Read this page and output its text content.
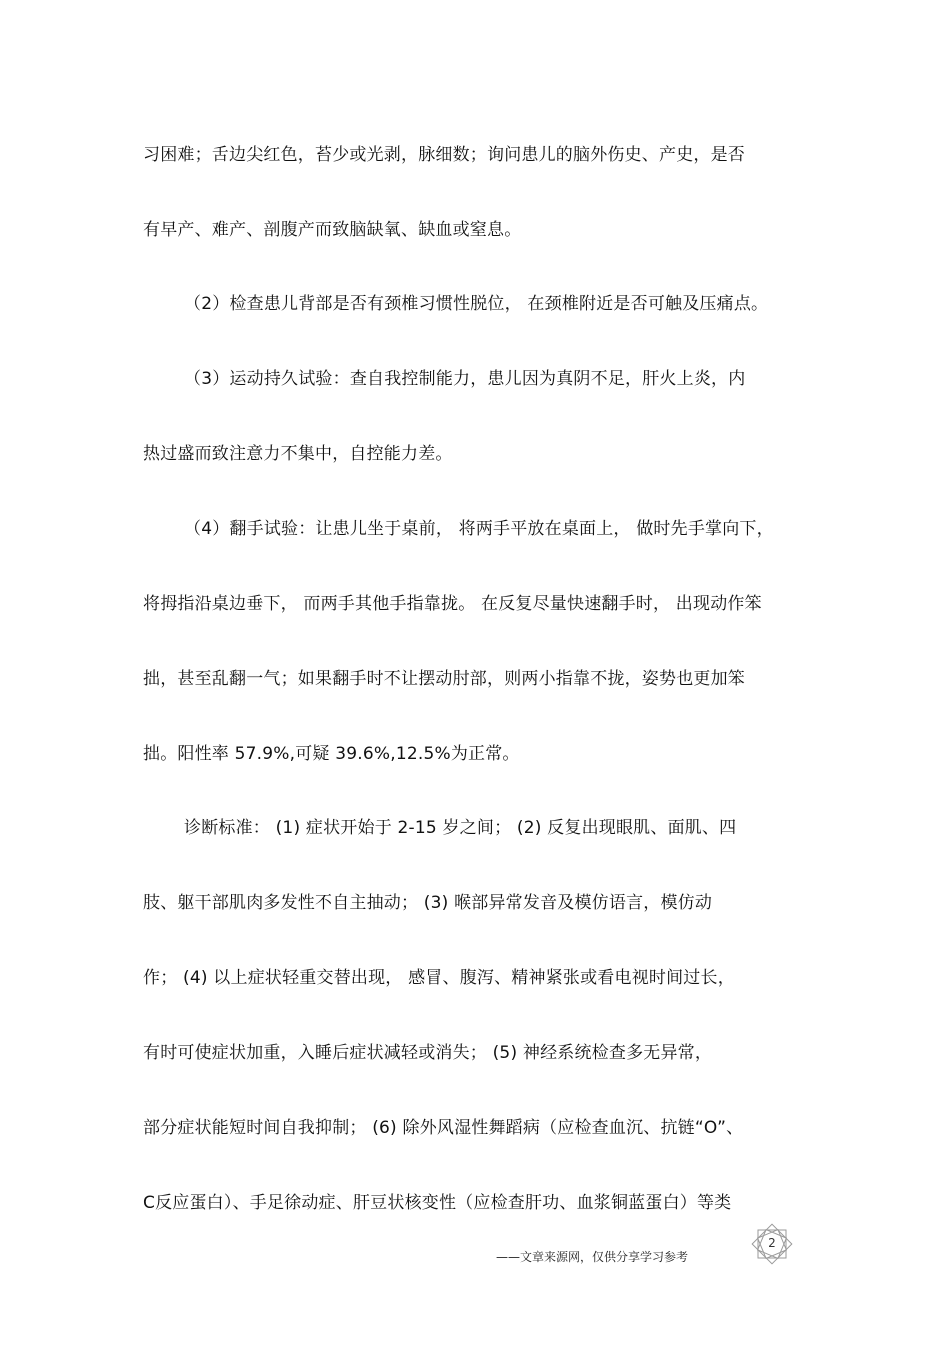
习困难；舌边尖红色，苔少或光剥，脉细数；询问患儿的脑外伤史、产史，是否
有早产、难产、剖腹产而致脑缺氧、缺血或窒息。
（2）检查患儿背部是否有颈椎习惯性脱位， 在颈椎附近是否可触及压痛点。
（3）运动持久试验：查自我控制能力，患儿因为真阴不足，肝火上炎，内
热过盛而致注意力不集中，自控能力差。
（4）翻手试验：让患儿坐于桌前， 将两手平放在桌面上， 做时先手掌向下，
将拇指沿桌边垂下， 而两手其他手指靠拢。 在反复尽量快速翻手时， 出现动作笨
拙，甚至乱翻一气；如果翻手时不让摆动肘部，则两小指靠不拢，姿势也更加笨
拙。阳性率 57.9%,可疑 39.6%,12.5%为正常。
诊断标准： (1) 症状开始于 2-15 岁之间； (2) 反复出现眼肌、面肌、四
肢、躯干部肌肉多发性不自主抽动； (3) 喉部异常发音及模仿语言，模仿动
作； (4) 以上症状轻重交替出现， 感冒、腹泻、精神紧张或看电视时间过长，
有时可使症状加重，入睡后症状减轻或消失； (5) 神经系统检查多无异常，
部分症状能短时间自我抑制； (6) 除外风湿性舞蹈病（应检查血沉、抗链“O”、
C反应蛋白）、手足徐动症、肝豆状核变性（应检查肝功、血浆铜蓝蛋白）等类
——文章来源网，仅供分享学习参考
2
